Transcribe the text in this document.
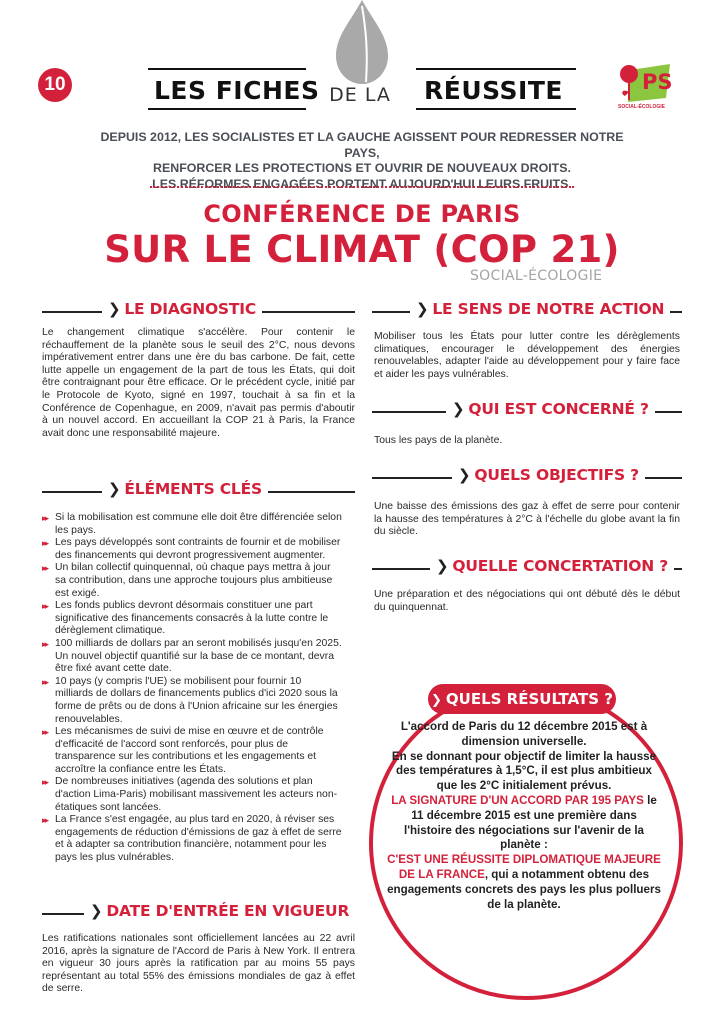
10	LES FICHES DE LA	RÉUSSITE	PS
SOCIAL-ÉCOLOGIE
DEPUIS 2012, LES SOCIALISTES ET LA GAUCHE AGISSENT POUR REDRESSER NOTRE PAYS,
RENFORCER LES PROTECTIONS ET OUVRIR DE NOUVEAUX DROITS.
LES RÉFORMES ENGAGÉES PORTENT AUJOURD'HUI LEURS FRUITS.
CONFÉRENCE DE PARIS
SUR LE CLIMAT (COP 21)
SOCIAL-ÉCOLOGIE
❯ LE DIAGNOSTIC
Le changement climatique s'accélère. Pour contenir le réchauffement de la planète sous le seuil des 2°C, nous devons impérativement entrer dans une ère du bas carbone. De fait, cette lutte appelle un engagement de la part de tous les États, qui doit être contraignant pour être efficace. Or le précédent cycle, initié par le Protocole de Kyoto, signé en 1997, touchait à sa fin et la Conférence de Copenhague, en 2009, n'avait pas permis d'aboutir à un nouvel accord. En accueillant la COP 21 à Paris, la France avait donc une responsabilité majeure.
❯ ÉLÉMENTS CLÉS
▸▸ Si la mobilisation est commune elle doit être différenciée selon les pays.
▸▸ Les pays développés sont contraints de fournir et de mobiliser des financements qui devront progressivement augmenter.
▸▸ Un bilan collectif quinquennal, où chaque pays mettra à jour sa contribution, dans une approche toujours plus ambitieuse est exigé.
▸▸ Les fonds publics devront désormais constituer une part significative des financements consacrés à la lutte contre le dérèglement climatique.
▸▸ 100 milliards de dollars par an seront mobilisés jusqu'en 2025. Un nouvel objectif quantifié sur la base de ce montant, devra être fixé avant cette date.
▸▸ 10 pays (y compris l'UE) se mobilisent pour fournir 10 milliards de dollars de financements publics d'ici 2020 sous la forme de prêts ou de dons à l'Union africaine sur les énergies renouvelables.
▸▸ Les mécanismes de suivi de mise en œuvre et de contrôle d'efficacité de l'accord sont renforcés, pour plus de transparence sur les contributions et les engagements et accroître la confiance entre les États.
▸▸ De nombreuses initiatives (agenda des solutions et plan d'action Lima-Paris) mobilisant massivement les acteurs non-étatiques sont lancées.
▸▸ La France s'est engagée, au plus tard en 2020, à réviser ses engagements de réduction d'émissions de gaz à effet de serre et à adapter sa contribution financière, notamment pour les pays les plus vulnérables.
❯ DATE D'ENTRÉE EN VIGUEUR
Les ratifications nationales sont officiellement lancées au 22 avril 2016, après la signature de l'Accord de Paris à New York. Il entrera en vigueur 30 jours après la ratification par au moins 55 pays représentant au total 55% des émissions mondiales de gaz à effet de serre.
❯ LE SENS DE NOTRE ACTION
Mobiliser tous les États pour lutter contre les dérèglements climatiques, encourager le développement des énergies renouvelables, adapter l'aide au développement pour y faire face et aider les pays vulnérables.
❯ QUI EST CONCERNÉ ?
Tous les pays de la planète.
❯ QUELS OBJECTIFS ?
Une baisse des émissions des gaz à effet de serre pour contenir la hausse des températures à 2°C à l'échelle du globe avant la fin du siècle.
❯ QUELLE CONCERTATION ?
Une préparation et des négociations qui ont débuté dès le début du quinquennat.
❯ QUELS RÉSULTATS ?
L'accord de Paris du 12 décembre 2015 est à dimension universelle.
En se donnant pour objectif de limiter la hausse des températures à 1,5°C, il est plus ambitieux que les 2°C initialement prévus.
LA SIGNATURE D'UN ACCORD PAR 195 PAYS le 11 décembre 2015 est une première dans l'histoire des négociations sur l'avenir de la planète :
C'EST UNE RÉUSSITE DIPLOMATIQUE MAJEURE DE LA FRANCE, qui a notamment obtenu des engagements concrets des pays les plus polluers de la planète.
